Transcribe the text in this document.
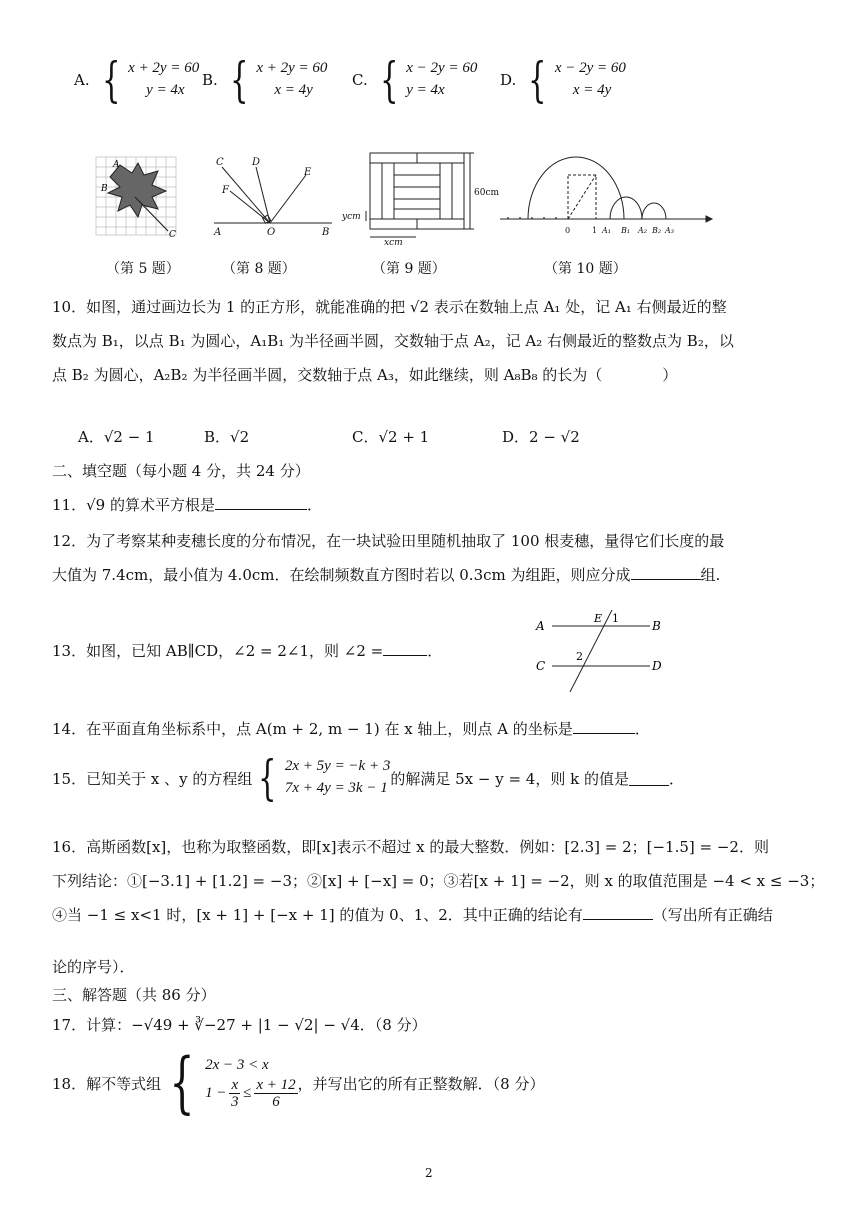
A. { x + 2y = 60
y = 4x
B. { x + 2y = 60
x = 4y
C. { x − 2y = 60
y = 4x
D. { x − 2y = 60
x = 4y
A
B
C
C	D
E
F
A	O	B
60cm
ycm
xcm
0	1 A₁ B₁ A₂ B₂ A₃
（第 5 题）	（第 8 题）	（第 9 题）	（第 10 题）
10．如图，通过画边长为 1 的正方形，就能准确的把 √2 表示在数轴上点 A₁ 处，记 A₁ 右侧最近的整
数点为 B₁，以点 B₁ 为圆心，A₁B₁ 为半径画半圆，交数轴于点 A₂，记 A₂ 右侧最近的整数点为 B₂，以
点 B₂ 为圆心，A₂B₂ 为半径画半圆，交数轴于点 A₃，如此继续，则 A₈B₈ 的长为（　　　　）
A．√2 − 1	B．√2	C．√2 + 1	D．2 − √2
二、填空题（每小题 4 分，共 24 分）
11．√9 的算术平方根是	．
12．为了考察某种麦穗长度的分布情况，在一块试验田里随机抽取了 100 根麦穗，量得它们长度的最
大值为 7.4cm，最小值为 4.0cm．在绘制频数直方图时若以 0.3cm 为组距，则应分成	组.
13．如图，已知 AB∥CD，∠2 = 2∠1，则 ∠2 =	．
A	B
C	D
E 1
2
14．在平面直角坐标系中，点 A(m + 2, m − 1) 在 x 轴上，则点 A 的坐标是	．
15．已知关于 x 、y 的方程组 { 2x + 5y = −k + 3
7x + 4y = 3k − 1
的解满足 5x − y = 4，则 k 的值是	．
16．高斯函数[x]，也称为取整函数，即[x]表示不超过 x 的最大整数．例如：[2.3] = 2；[−1.5] = −2．则
下列结论：①[−3.1] + [1.2] = −3；②[x] + [−x] = 0；③若[x + 1] = −2，则 x 的取值范围是 −4 < x ≤ −3；
④当 −1 ≤ x<1 时，[x + 1] + [−x + 1] 的值为 0、1、2．其中正确的结论有	（写出所有正确结
论的序号）．
三、解答题（共 86 分）
17．计算：−√49 + ∛−27 + |1 − √2| − √4．（8 分）
18．解不等式组 { 2x − 3 < x
$1 - \frac{x}{3} \le \frac{x + 12}{6}$ ，并写出它的所有正整数解．（8 分）
2
